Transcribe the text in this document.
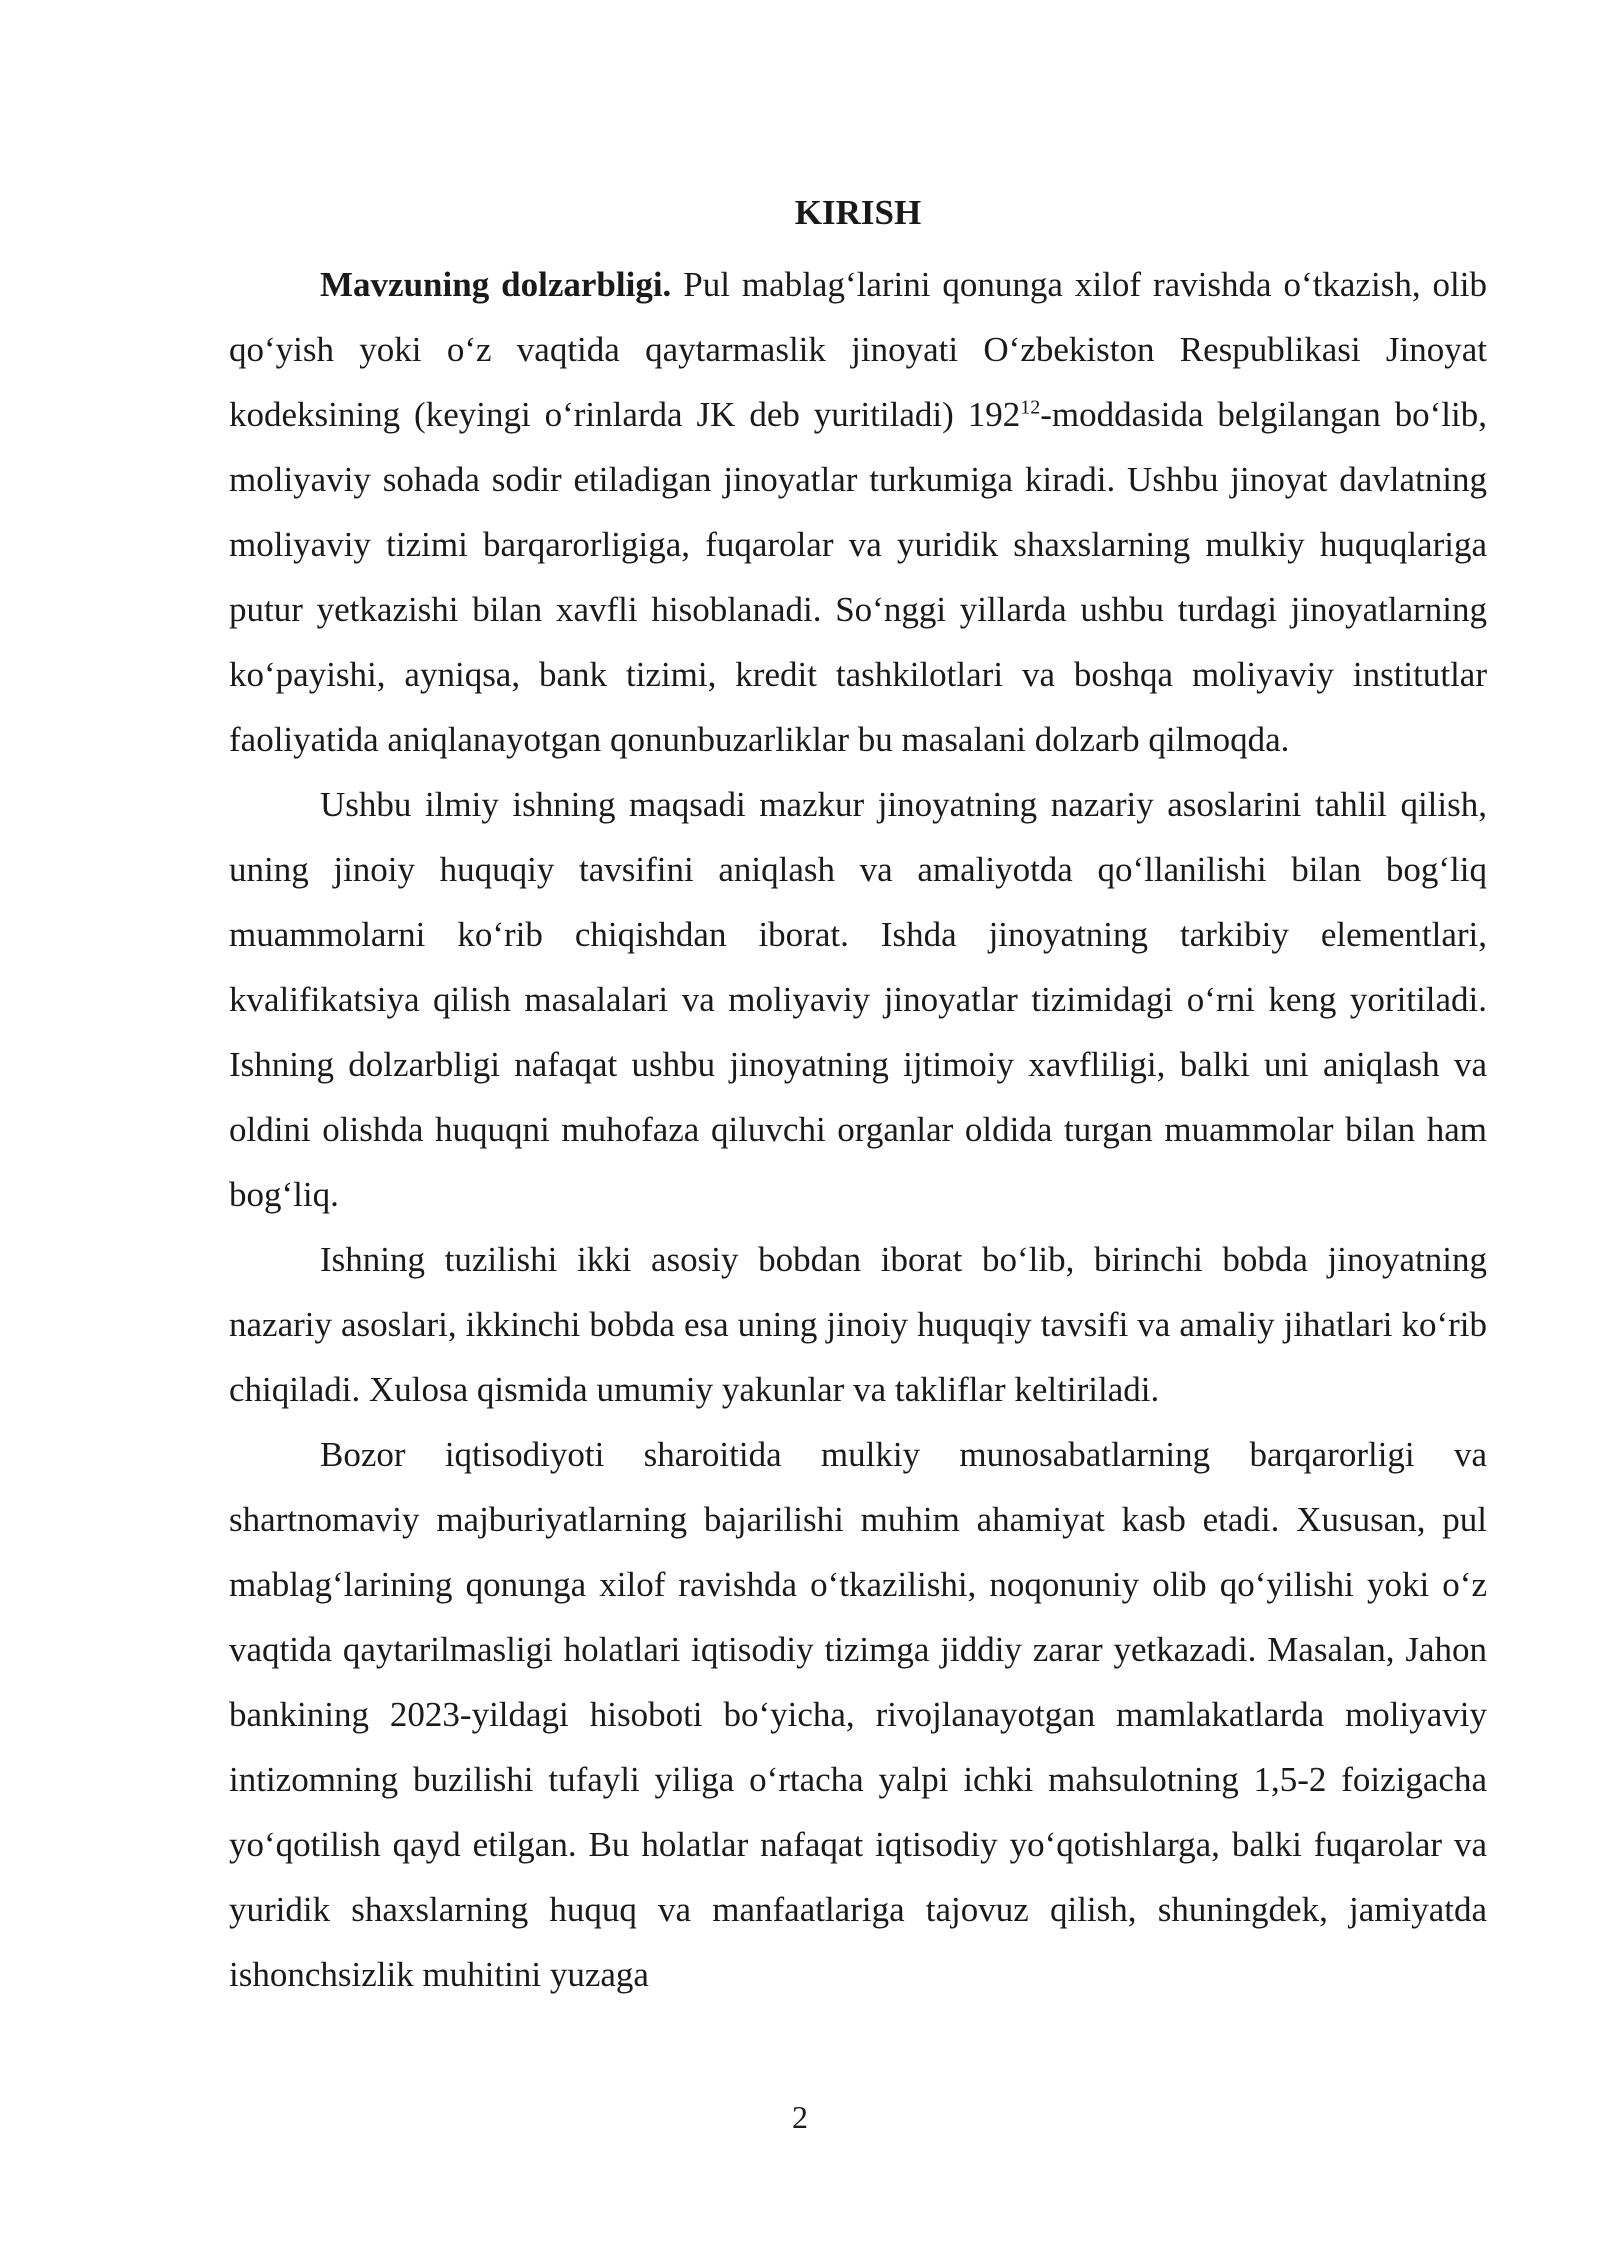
KIRISH

Mavzuning dolzarbligi. Pul mablag‘larini qonunga xilof ravishda o‘tkazish, olib qo‘yish yoki o‘z vaqtida qaytarmaslik jinoyati O‘zbekiston Respublikasi Jinoyat kodeksining (keyingi o‘rinlarda JK deb yuritiladi) $192^{12}$-moddasida belgilangan bo‘lib, moliyaviy sohada sodir etiladigan jinoyatlar turkumiga kiradi. Ushbu jinoyat davlatning moliyaviy tizimi barqarorligiga, fuqarolar va yuridik shaxslarning mulkiy huquqlariga putur yetkazishi bilan xavfli hisoblanadi. So‘nggi yillarda ushbu turdagi jinoyatlarning ko‘payishi, ayniqsa, bank tizimi, kredit tashkilotlari va boshqa moliyaviy institutlar faoliyatida aniqlanayotgan qonunbuzarliklar bu masalani dolzarb qilmoqda.

Ushbu ilmiy ishning maqsadi mazkur jinoyatning nazariy asoslarini tahlil qilish, uning jinoiy huquqiy tavsifini aniqlash va amaliyotda qo‘llanilishi bilan bog‘liq muammolarni ko‘rib chiqishdan iborat. Ishda jinoyatning tarkibiy elementlari, kvalifikatsiya qilish masalalari va moliyaviy jinoyatlar tizimidagi o‘rni keng yoritiladi. Ishning dolzarbligi nafaqat ushbu jinoyatning ijtimoiy xavfliligi, balki uni aniqlash va oldini olishda huquqni muhofaza qiluvchi organlar oldida turgan muammolar bilan ham bog‘liq.

Ishning tuzilishi ikki asosiy bobdan iborat bo‘lib, birinchi bobda jinoyatning nazariy asoslari, ikkinchi bobda esa uning jinoiy huquqiy tavsifi va amaliy jihatlari ko‘rib chiqiladi. Xulosa qismida umumiy yakunlar va takliflar keltiriladi.

Bozor iqtisodiyoti sharoitida mulkiy munosabatlarning barqarorligi va shartnomaviy majburiyatlarning bajarilishi muhim ahamiyat kasb etadi. Xususan, pul mablag‘larining qonunga xilof ravishda o‘tkazilishi, noqonuniy olib qo‘yilishi yoki o‘z vaqtida qaytarilmasligi holatlari iqtisodiy tizimga jiddiy zarar yetkazadi. Masalan, Jahon bankining 2023-yildagi hisoboti bo‘yicha, rivojlanayotgan mamlakatlarda moliyaviy intizomning buzilishi tufayli yiliga o‘rtacha yalpi ichki mahsulotning 1,5-2 foizigacha yo‘qotilish qayd etilgan. Bu holatlar nafaqat iqtisodiy yo‘qotishlarga, balki fuqarolar va yuridik shaxslarning huquq va manfaatlariga tajovuz qilish, shuningdek, jamiyatda ishonchsizlik muhitini yuzaga

2
